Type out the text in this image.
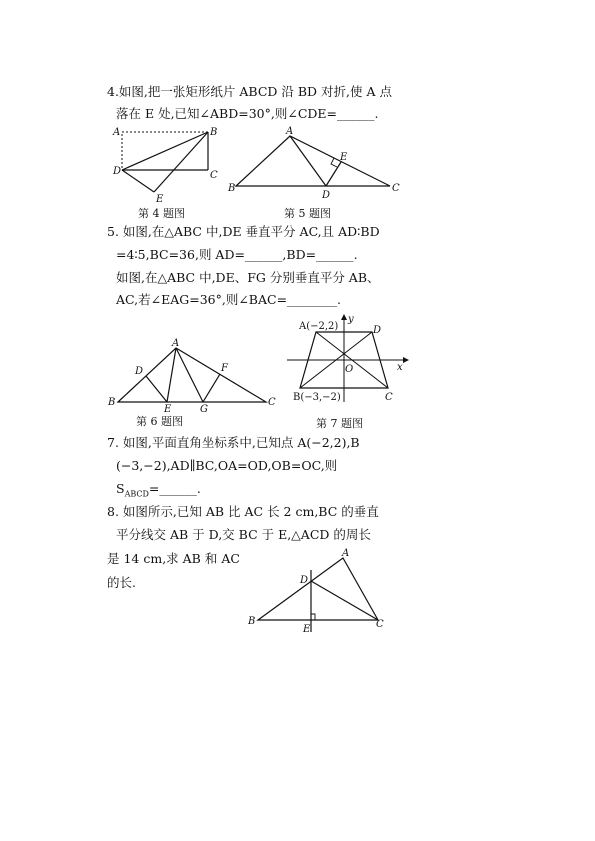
4.如图,把一张矩形纸片 ABCD 沿 BD 对折,使 A 点
落在 E 处,已知∠ABD=30°,则∠CDE=______.
A	B
C
D
E
第 4 题图
A
B	C
D
E
第 5 题图
5. 如图,在△ABC 中,DE 垂直平分 AC,且 AD∶BD
=4∶5,BC=36,则 AD=______,BD=______.
如图,在△ABC 中,DE、FG 分别垂直平分 AB、
AC,若∠EAG=36°,则∠BAC=________.
A
B	C
D
E
F
G
第 6 题图
A(−2,2)
B(−3,−2)	C
D
O	x
y
第 7 题图
7. 如图,平面直角坐标系中,已知点 A(−2,2),B
(−3,−2),AD∥BC,OA=OD,OB=OC,则
$S_{ABCD}=\_\_\_\_\_\_$.
8. 如图所示,已知 AB 比 AC 长 2 cm,BC 的垂直
平分线交 AB 于 D,交 BC 于 E,△ACD 的周长
是 14 cm,求 AB 和 AC
的长.
A
B	C
D
E
